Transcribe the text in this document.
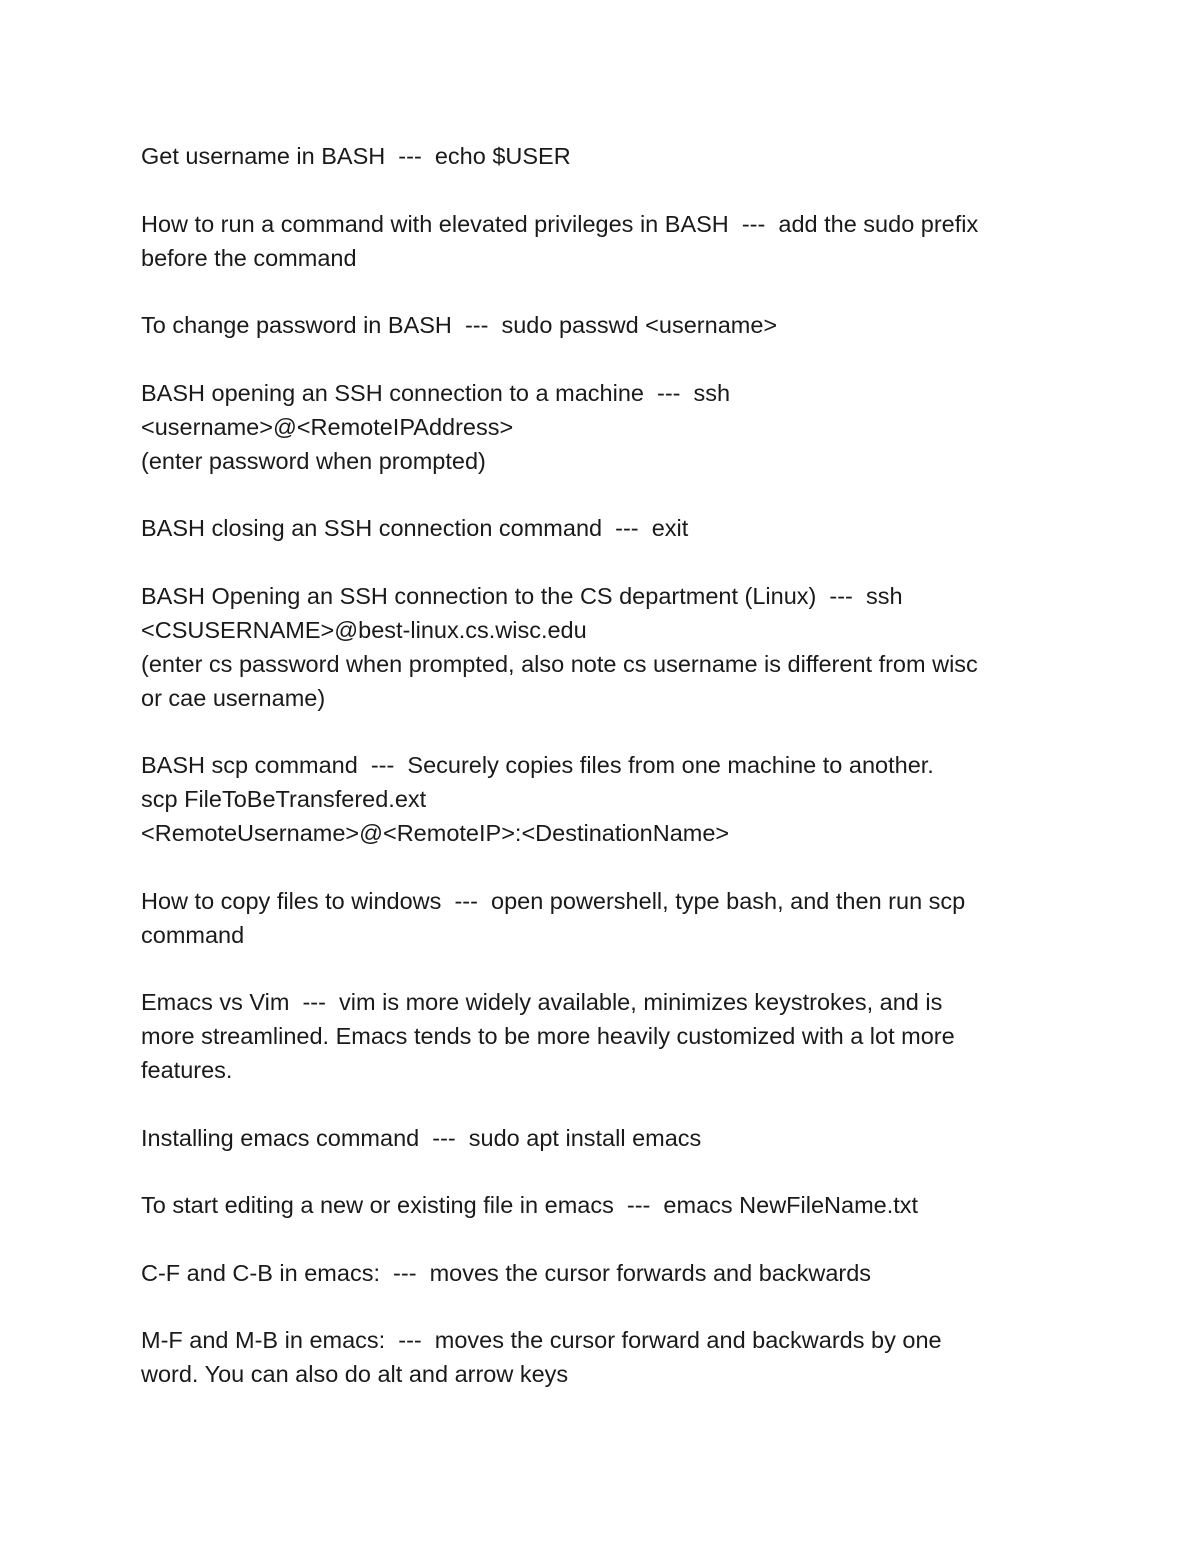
Get username in BASH  ---  echo $USER
How to run a command with elevated privileges in BASH  ---  add the sudo prefix
before the command
To change password in BASH  ---  sudo passwd <username>
BASH opening an SSH connection to a machine  ---  ssh
<username>@<RemoteIPAddress>
(enter password when prompted)
BASH closing an SSH connection command  ---  exit
BASH Opening an SSH connection to the CS department (Linux)  ---  ssh
<CSUSERNAME>@best-linux.cs.wisc.edu
(enter cs password when prompted, also note cs username is different from wisc
or cae username)
BASH scp command  ---  Securely copies files from one machine to another.
scp FileToBeTransfered.ext
<RemoteUsername>@<RemoteIP>:<DestinationName>
How to copy files to windows  ---  open powershell, type bash, and then run scp
command
Emacs vs Vim  ---  vim is more widely available, minimizes keystrokes, and is
more streamlined. Emacs tends to be more heavily customized with a lot more
features.
Installing emacs command  ---  sudo apt install emacs
To start editing a new or existing file in emacs  ---  emacs NewFileName.txt
C-F and C-B in emacs:  ---  moves the cursor forwards and backwards
M-F and M-B in emacs:  ---  moves the cursor forward and backwards by one
word. You can also do alt and arrow keys
